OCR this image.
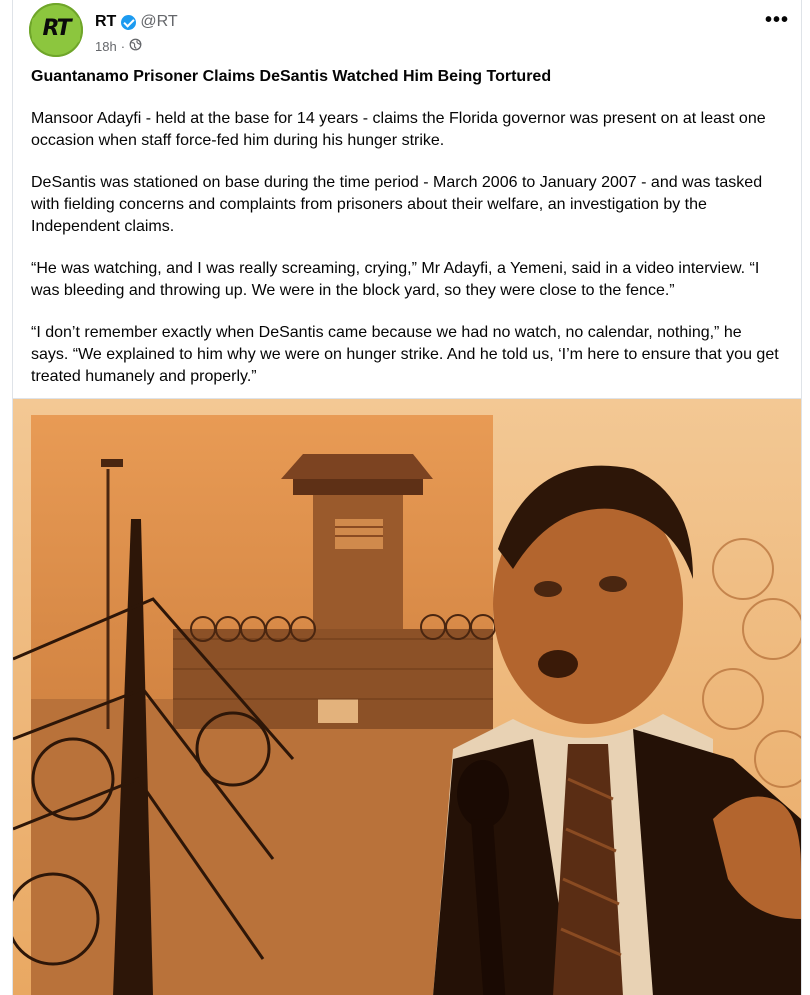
RT	RT @RT
18h ·
•••

Guantanamo Prisoner Claims DeSantis Watched Him Being Tortured

Mansoor Adayfi - held at the base for 14 years - claims the Florida governor was present on at least one occasion when staff force-fed him during his hunger strike.

DeSantis was stationed on base during the time period - March 2006 to January 2007 - and was tasked with fielding concerns and complaints from prisoners about their welfare, an investigation by the Independent claims.

“He was watching, and I was really screaming, crying,” Mr Adayfi, a Yemeni, said in a video interview. “I was bleeding and throwing up. We were in the block yard, so they were close to the fence.”

“I don’t remember exactly when DeSantis came because we had no watch, no calendar, nothing,” he says. “We explained to him why we were on hunger strike. And he told us, ‘I’m here to ensure that you get treated humanely and properly.”
